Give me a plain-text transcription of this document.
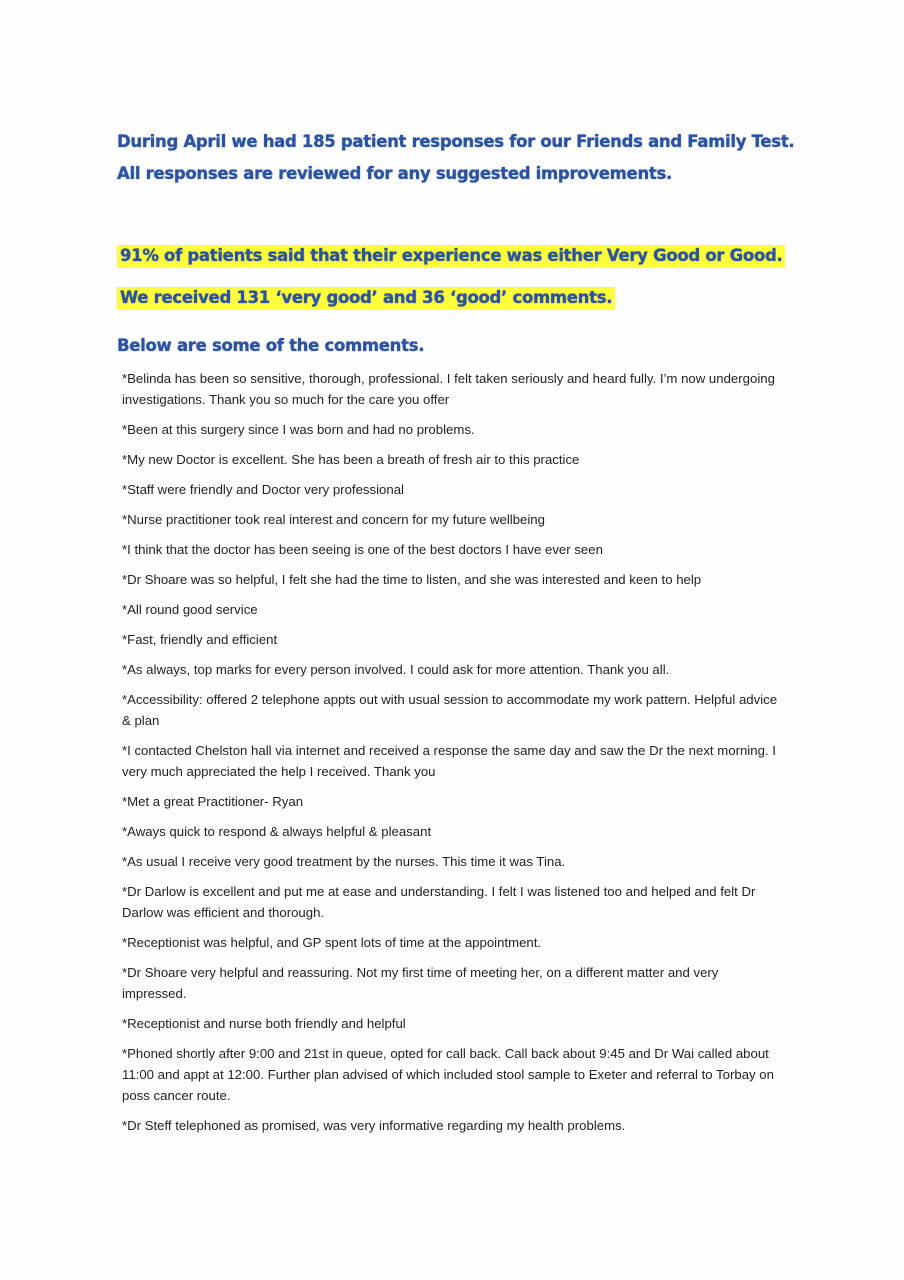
During April we had 185 patient responses for our Friends and Family Test.

All responses are reviewed for any suggested improvements.

91% of patients said that their experience was either Very Good or Good.
We received 131 ‘very good’ and 36 ‘good’ comments.

Below are some of the comments.

*Belinda has been so sensitive, thorough, professional. I felt taken seriously and heard fully. I’m now undergoing investigations. Thank you so much for the care you offer
*Been at this surgery since I was born and had no problems.
*My new Doctor is excellent. She has been a breath of fresh air to this practice
*Staff were friendly and Doctor very professional
*Nurse practitioner took real interest and concern for my future wellbeing
*I think that the doctor has been seeing is one of the best doctors I have ever seen
*Dr Shoare was so helpful, I felt she had the time to listen, and she was interested and keen to help
*All round good service
*Fast, friendly and efficient
*As always, top marks for every person involved. I could ask for more attention. Thank you all.
*Accessibility: offered 2 telephone appts out with usual session to accommodate my work pattern. Helpful advice & plan
*I contacted Chelston hall via internet and received a response the same day and saw the Dr the next morning. I very much appreciated the help I received. Thank you
*Met a great Practitioner- Ryan
*Aways quick to respond & always helpful & pleasant
*As usual I receive very good treatment by the nurses. This time it was Tina.
*Dr Darlow is excellent and put me at ease and understanding. I felt I was listened too and helped and felt Dr Darlow was efficient and thorough.
*Receptionist was helpful, and GP spent lots of time at the appointment.
*Dr Shoare very helpful and reassuring. Not my first time of meeting her, on a different matter and very impressed.
*Receptionist and nurse both friendly and helpful
*Phoned shortly after 9:00 and 21st in queue, opted for call back. Call back about 9:45 and Dr Wai called about 11:00 and appt at 12:00. Further plan advised of which included stool sample to Exeter and referral to Torbay on poss cancer route.
*Dr Steff telephoned as promised, was very informative regarding my health problems.
